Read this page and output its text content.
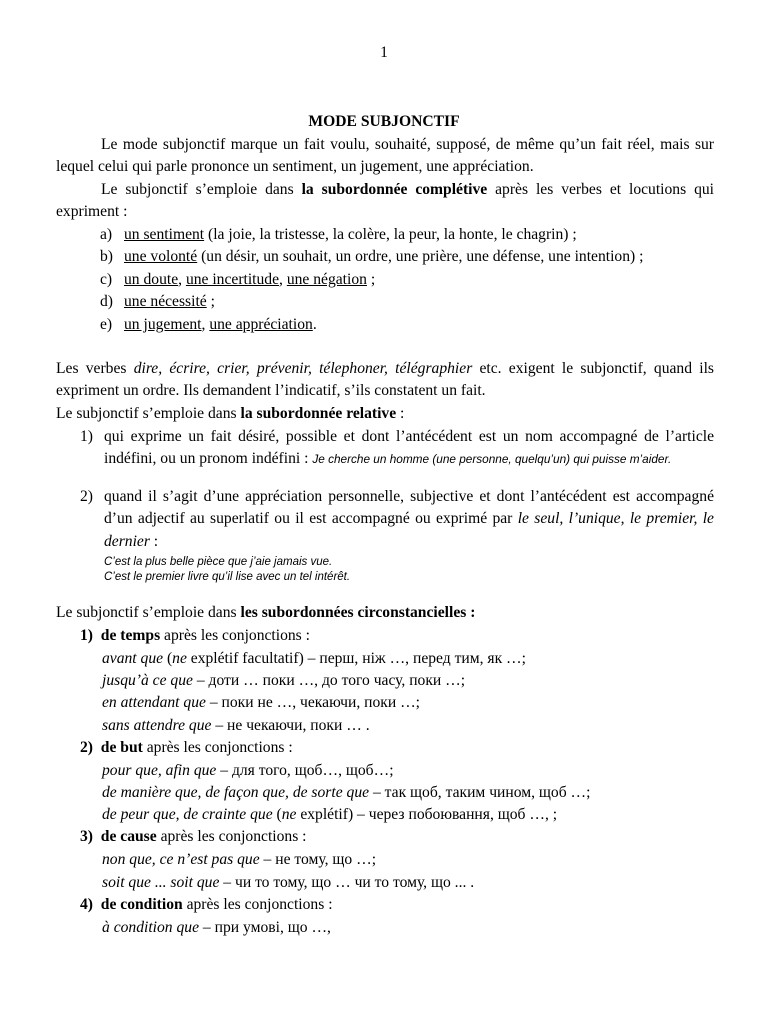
1
MODE SUBJONCTIF
Le mode subjonctif marque un fait voulu, souhaité, supposé, de même qu’un fait réel, mais sur lequel celui qui parle prononce un sentiment, un jugement, une appréciation.
Le subjonctif s’emploie dans la subordonnée complétive après les verbes et locutions qui expriment :
a) un sentiment (la joie, la tristesse, la colère, la peur, la honte, le chagrin) ;
b) une volonté (un désir, un souhait, un ordre, une prière, une défense, une intention) ;
c) un doute, une incertitude, une négation ;
d) une nécessité ;
e) un jugement, une appréciation.
Les verbes dire, écrire, crier, prévenir, télephoner, télégraphier etc. exigent le subjonctif, quand ils expriment un ordre. Ils demandent l’indicatif, s’ils constatent un fait.
Le subjonctif s’emploie dans la subordonnée relative :
1) qui exprime un fait désiré, possible et dont l’antécédent est un nom accompagné de l’article indéfini, ou un pronom indéfini : Je cherche un homme (une personne, quelqu’un) qui puisse m’aider.
2) quand il s’agit d’une appréciation personnelle, subjective et dont l’antécédent est accompagné d’un adjectif au superlatif ou il est accompagné ou exprimé par le seul, l’unique, le premier, le dernier :
C’est la plus belle pièce que j’aie jamais vue.
C’est le premier livre qu’il lise avec un tel intérêt.
Le subjonctif s’emploie dans les subordonnées circonstancielles :
1) de temps après les conjonctions :
avant que (ne explétif facultatif) – перш, ніж …, перед тим, як …;
jusqu’à ce que – доти … поки …, до того часу, поки …;
en attendant que – поки не …, чекаючи, поки …;
sans attendre que – не чекаючи, поки … .
2) de but après les conjonctions :
pour que, afin que – для того, щоб…, щоб…;
de manière que, de façon que, de sorte que – так щоб, таким чином, щоб …;
de peur que, de crainte que (ne explétif) – через побоювання, щоб …, ;
3) de cause après les conjonctions :
non que, ce n’est pas que – не тому, що …;
soit que ... soit que – чи то тому, що … чи то тому, що ... .
4) de condition après les conjonctions :
à condition que – при умові, що …,
